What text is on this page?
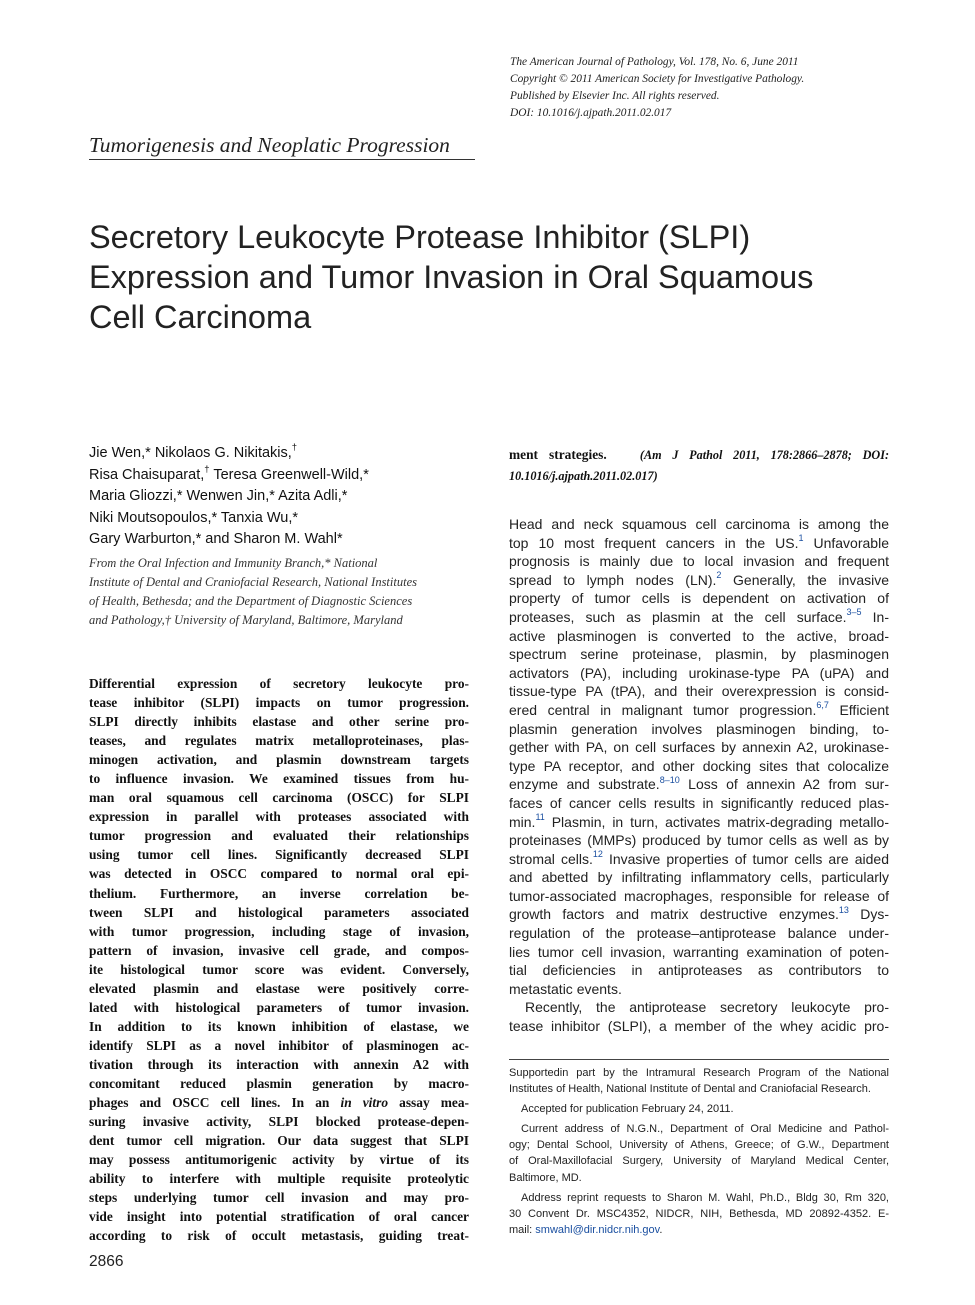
The American Journal of Pathology, Vol. 178, No. 6, June 2011
Copyright © 2011 American Society for Investigative Pathology.
Published by Elsevier Inc. All rights reserved.
DOI: 10.1016/j.ajpath.2011.02.017
Tumorigenesis and Neoplatic Progression
Secretory Leukocyte Protease Inhibitor (SLPI)
Expression and Tumor Invasion in Oral Squamous
Cell Carcinoma
Jie Wen,* Nikolaos G. Nikitakis,†
Risa Chaisuparat,† Teresa Greenwell-Wild,*
Maria Gliozzi,* Wenwen Jin,* Azita Adli,*
Niki Moutsopoulos,* Tanxia Wu,*
Gary Warburton,* and Sharon M. Wahl*
From the Oral Infection and Immunity Branch,* National
Institute of Dental and Craniofacial Research, National Institutes
of Health, Bethesda; and the Department of Diagnostic Sciences
and Pathology,† University of Maryland, Baltimore, Maryland
Differential expression of secretory leukocyte pro-
tease inhibitor (SLPI) impacts on tumor progression.
SLPI directly inhibits elastase and other serine pro-
teases, and regulates matrix metalloproteinases, plas-
minogen activation, and plasmin downstream targets
to influence invasion. We examined tissues from hu-
man oral squamous cell carcinoma (OSCC) for SLPI
expression in parallel with proteases associated with
tumor progression and evaluated their relationships
using tumor cell lines. Significantly decreased SLPI
was detected in OSCC compared to normal oral epi-
thelium. Furthermore, an inverse correlation be-
tween SLPI and histological parameters associated
with tumor progression, including stage of invasion,
pattern of invasion, invasive cell grade, and compos-
ite histological tumor score was evident. Conversely,
elevated plasmin and elastase were positively corre-
lated with histological parameters of tumor invasion.
In addition to its known inhibition of elastase, we
identify SLPI as a novel inhibitor of plasminogen ac-
tivation through its interaction with annexin A2 with
concomitant reduced plasmin generation by macro-
phages and OSCC cell lines. In an in vitro assay mea-
suring invasive activity, SLPI blocked protease-depen-
dent tumor cell migration. Our data suggest that SLPI
may possess antitumorigenic activity by virtue of its
ability to interfere with multiple requisite proteolytic
steps underlying tumor cell invasion and may pro-
vide insight into potential stratification of oral cancer
according to risk of occult metastasis, guiding treat-
ment strategies.	(Am J Pathol 2011, 178:2866–2878; DOI:
10.1016/j.ajpath.2011.02.017)
Head and neck squamous cell carcinoma is among the
top 10 most frequent cancers in the US.$^1$ Unfavorable
prognosis is mainly due to local invasion and frequent
spread to lymph nodes (LN).$^2$ Generally, the invasive
property of tumor cells is dependent on activation of
proteases, such as plasmin at the cell surface.$^{3-5}$ In-
active plasminogen is converted to the active, broad-
spectrum serine proteinase, plasmin, by plasminogen
activators (PA), including urokinase-type PA (uPA) and
tissue-type PA (tPA), and their overexpression is consid-
ered central in malignant tumor progression.$^{6,7}$ Efficient
plasmin generation involves plasminogen binding, to-
gether with PA, on cell surfaces by annexin A2, urokinase-
type PA receptor, and other docking sites that colocalize
enzyme and substrate.$^{8-10}$ Loss of annexin A2 from sur-
faces of cancer cells results in significantly reduced plas-
min.$^{11}$ Plasmin, in turn, activates matrix-degrading metallo-
proteinases (MMPs) produced by tumor cells as well as by
stromal cells.$^{12}$ Invasive properties of tumor cells are aided
and abetted by infiltrating inflammatory cells, particularly
tumor-associated macrophages, responsible for release of
growth factors and matrix destructive enzymes.$^{13}$ Dys-
regulation of the protease–antiprotease balance under-
lies tumor cell invasion, warranting examination of poten-
tial deficiencies in antiproteases as contributors to
metastatic events.
Recently, the antiprotease secretory leukocyte pro-
tease inhibitor (SLPI), a member of the whey acidic pro-
Supportedin part by the Intramural Research Program of the National
Institutes of Health, National Institute of Dental and Craniofacial Research.
Accepted for publication February 24, 2011.
Current address of N.G.N., Department of Oral Medicine and Pathol-
ogy; Dental School, University of Athens, Greece; of G.W., Department
of Oral-Maxillofacial Surgery, University of Maryland Medical Center,
Baltimore, MD.
Address reprint requests to Sharon M. Wahl, Ph.D., Bldg 30, Rm 320,
30 Convent Dr. MSC4352, NIDCR, NIH, Bethesda, MD 20892-4352. E-
mail: smwahl@dir.nidcr.nih.gov.
2866
